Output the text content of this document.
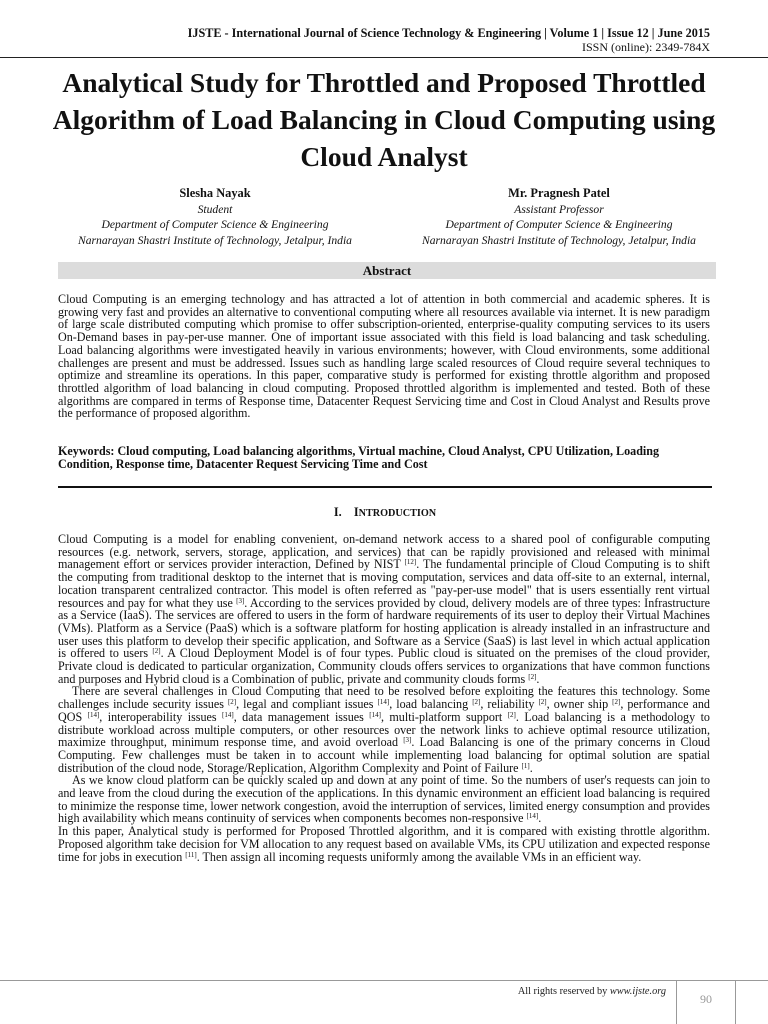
IJSTE - International Journal of Science Technology & Engineering | Volume 1 | Issue 12 | June 2015
ISSN (online): 2349-784X
Analytical Study for Throttled and Proposed Throttled Algorithm of Load Balancing in Cloud Computing using Cloud Analyst
Slesha Nayak
Student
Department of Computer Science & Engineering
Narnarayan Shastri Institute of Technology, Jetalpur, India
Mr. Pragnesh Patel
Assistant Professor
Department of Computer Science & Engineering
Narnarayan Shastri Institute of Technology, Jetalpur, India
Abstract

Cloud Computing is an emerging technology and has attracted a lot of attention in both commercial and academic spheres. It is growing very fast and provides an alternative to conventional computing where all resources available via internet. It is new paradigm of large scale distributed computing which promise to offer subscription-oriented, enterprise-quality computing services to its users On-Demand bases in pay-per-use manner. One of important issue associated with this field is load balancing and task scheduling. Load balancing algorithms were investigated heavily in various environments; however, with Cloud environments, some additional challenges are present and must be addressed. Issues such as handling large scaled resources of Cloud require several techniques to optimize and streamline its operations. In this paper, comparative study is performed for existing throttle algorithm and proposed throttled algorithm of load balancing in cloud computing. Proposed throttled algorithm is implemented and tested. Both of these algorithms are compared in terms of Response time, Datacenter Request Servicing time and Cost in Cloud Analyst and Results prove the performance of proposed algorithm.

Keywords: Cloud computing, Load balancing algorithms, Virtual machine, Cloud Analyst, CPU Utilization, Loading Condition, Response time, Datacenter Request Servicing Time and Cost

I. INTRODUCTION

Cloud Computing is a model for enabling convenient, on-demand network access to a shared pool of configurable computing resources (e.g. network, servers, storage, application, and services) that can be rapidly provisioned and released with minimal management effort or services provider interaction, Defined by NIST [12]. The fundamental principle of Cloud Computing is to shift the computing from traditional desktop to the internet that is moving computation, services and data off-site to an external, internal, location transparent centralized contractor. This model is often referred as "pay-per-use model" that is users essentially rent virtual resources and pay for what they use [3]. According to the services provided by cloud, delivery models are of three types: Infrastructure as a Service (IaaS). The services are offered to users in the form of hardware requirements of its user to deploy their Virtual Machines (VMs). Platform as a Service (PaaS) which is a software platform for hosting application is already installed in an infrastructure and user uses this platform to develop their specific application, and Software as a Service (SaaS) is last level in which actual application is offered to users [2]. A Cloud Deployment Model is of four types. Public cloud is situated on the premises of the cloud provider, Private cloud is dedicated to particular organization, Community clouds offers services to organizations that have common functions and purposes and Hybrid cloud is a Combination of public, private and community clouds forms [2].

There are several challenges in Cloud Computing that need to be resolved before exploiting the features this technology. Some challenges include security issues [2], legal and compliant issues [14], load balancing [2], reliability [2], owner ship [2], performance and QOS [14], interoperability issues [14], data management issues [14], multi-platform support [2]. Load balancing is a methodology to distribute workload across multiple computers, or other resources over the network links to achieve optimal resource utilization, maximize throughput, minimum response time, and avoid overload [3]. Load Balancing is one of the primary concerns in Cloud Computing. Few challenges must be taken in to account while implementing load balancing for optimal solution are spatial distribution of the cloud node, Storage/Replication, Algorithm Complexity and Point of Failure [1].

As we know cloud platform can be quickly scaled up and down at any point of time. So the numbers of user's requests can join to and leave from the cloud during the execution of the applications. In this dynamic environment an efficient load balancing is required to minimize the response time, lower network congestion, avoid the interruption of services, limited energy consumption and provides high availability which means continuity of services when components becomes non-responsive [14].

In this paper, Analytical study is performed for Proposed Throttled algorithm, and it is compared with existing throttle algorithm. Proposed algorithm take decision for VM allocation to any request based on available VMs, its CPU utilization and expected response time for jobs in execution [11]. Then assign all incoming requests uniformly among the available VMs in an efficient way.

All rights reserved by www.ijste.org
90
